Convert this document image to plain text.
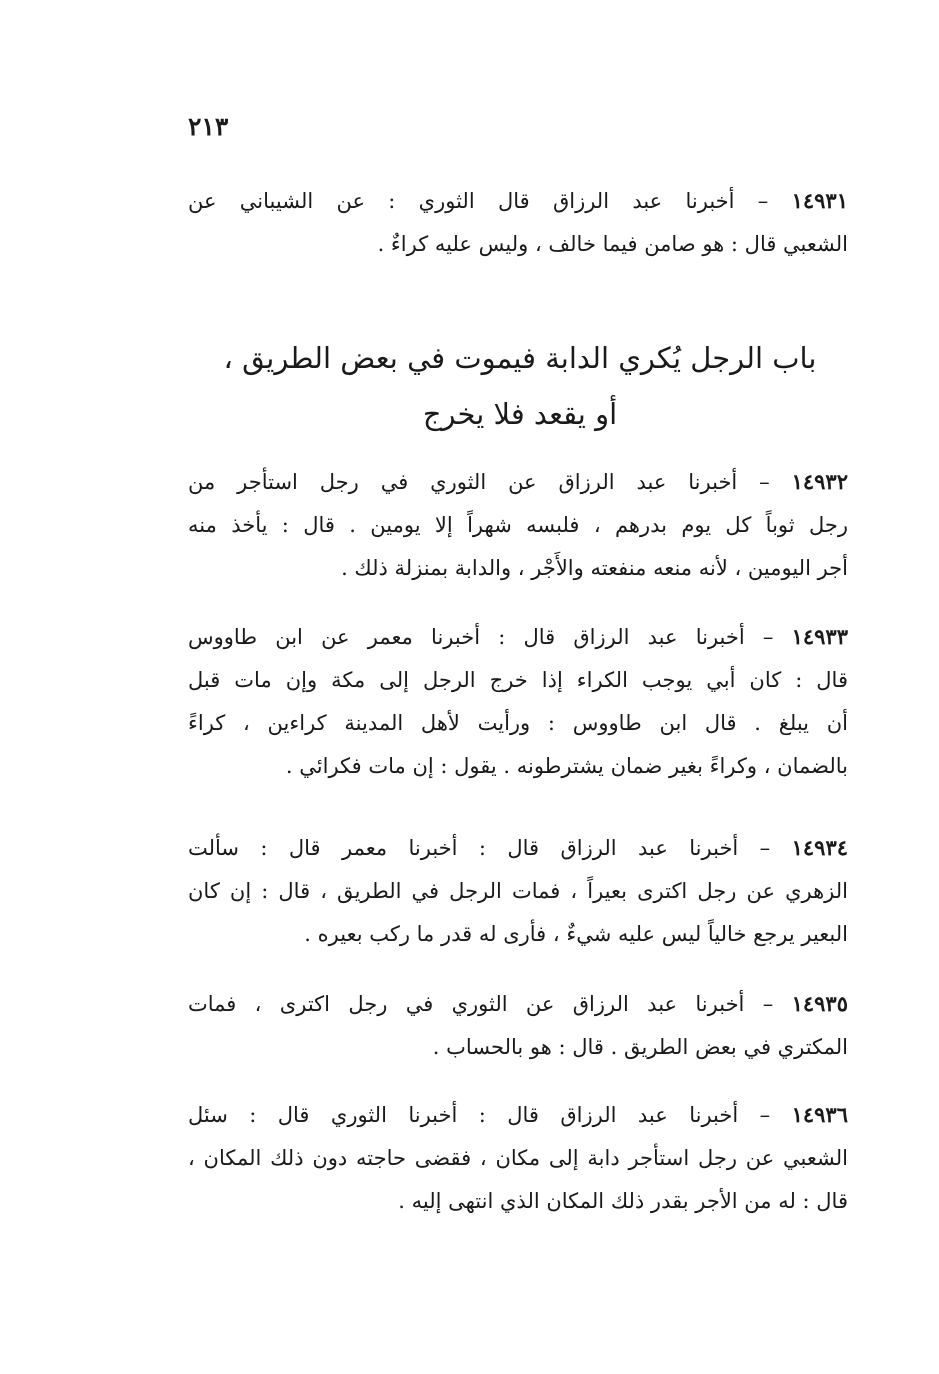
٢١٣
١٤٩٣١ – أخبرنا عبد الرزاق قال الثوري : عن الشيباني عن
الشعبي قال : هو صامن فيما خالف ، وليس عليه كراءٌ .
باب الرجل يُكري الدابة فيموت في بعض الطريق ،
أو يقعد فلا يخرج
١٤٩٣٢ – أخبرنا عبد الرزاق عن الثوري في رجل استأجر من
رجل ثوباً كل يوم بدرهم ، فلبسه شهراً إلا يومين . قال : يأخذ منه
أجر اليومين ، لأنه منعه منفعته والأَجْر ، والدابة بمنزلة ذلك .
١٤٩٣٣ – أخبرنا عبد الرزاق قال : أخبرنا معمر عن ابن طاووس
قال : كان أبي يوجب الكراء إذا خرج الرجل إلى مكة وإن مات قبل
أن يبلغ . قال ابن طاووس : ورأيت لأهل المدينة كراءين ، كراءً
بالضمان ، وكراءً بغير ضمان يشترطونه . يقول : إن مات فكرائي .
١٤٩٣٤ – أخبرنا عبد الرزاق قال : أخبرنا معمر قال : سألت
الزهري عن رجل اكترى بعيراً ، فمات الرجل في الطريق ، قال : إن كان
البعير يرجع خالياً ليس عليه شيءٌ ، فأرى له قدر ما ركب بعيره .
١٤٩٣٥ – أخبرنا عبد الرزاق عن الثوري في رجل اكترى ، فمات
المكتري في بعض الطريق . قال : هو بالحساب .
١٤٩٣٦ – أخبرنا عبد الرزاق قال : أخبرنا الثوري قال : سئل
الشعبي عن رجل استأجر دابة إلى مكان ، فقضى حاجته دون ذلك المكان ،
قال : له من الأجر بقدر ذلك المكان الذي انتهى إليه .
